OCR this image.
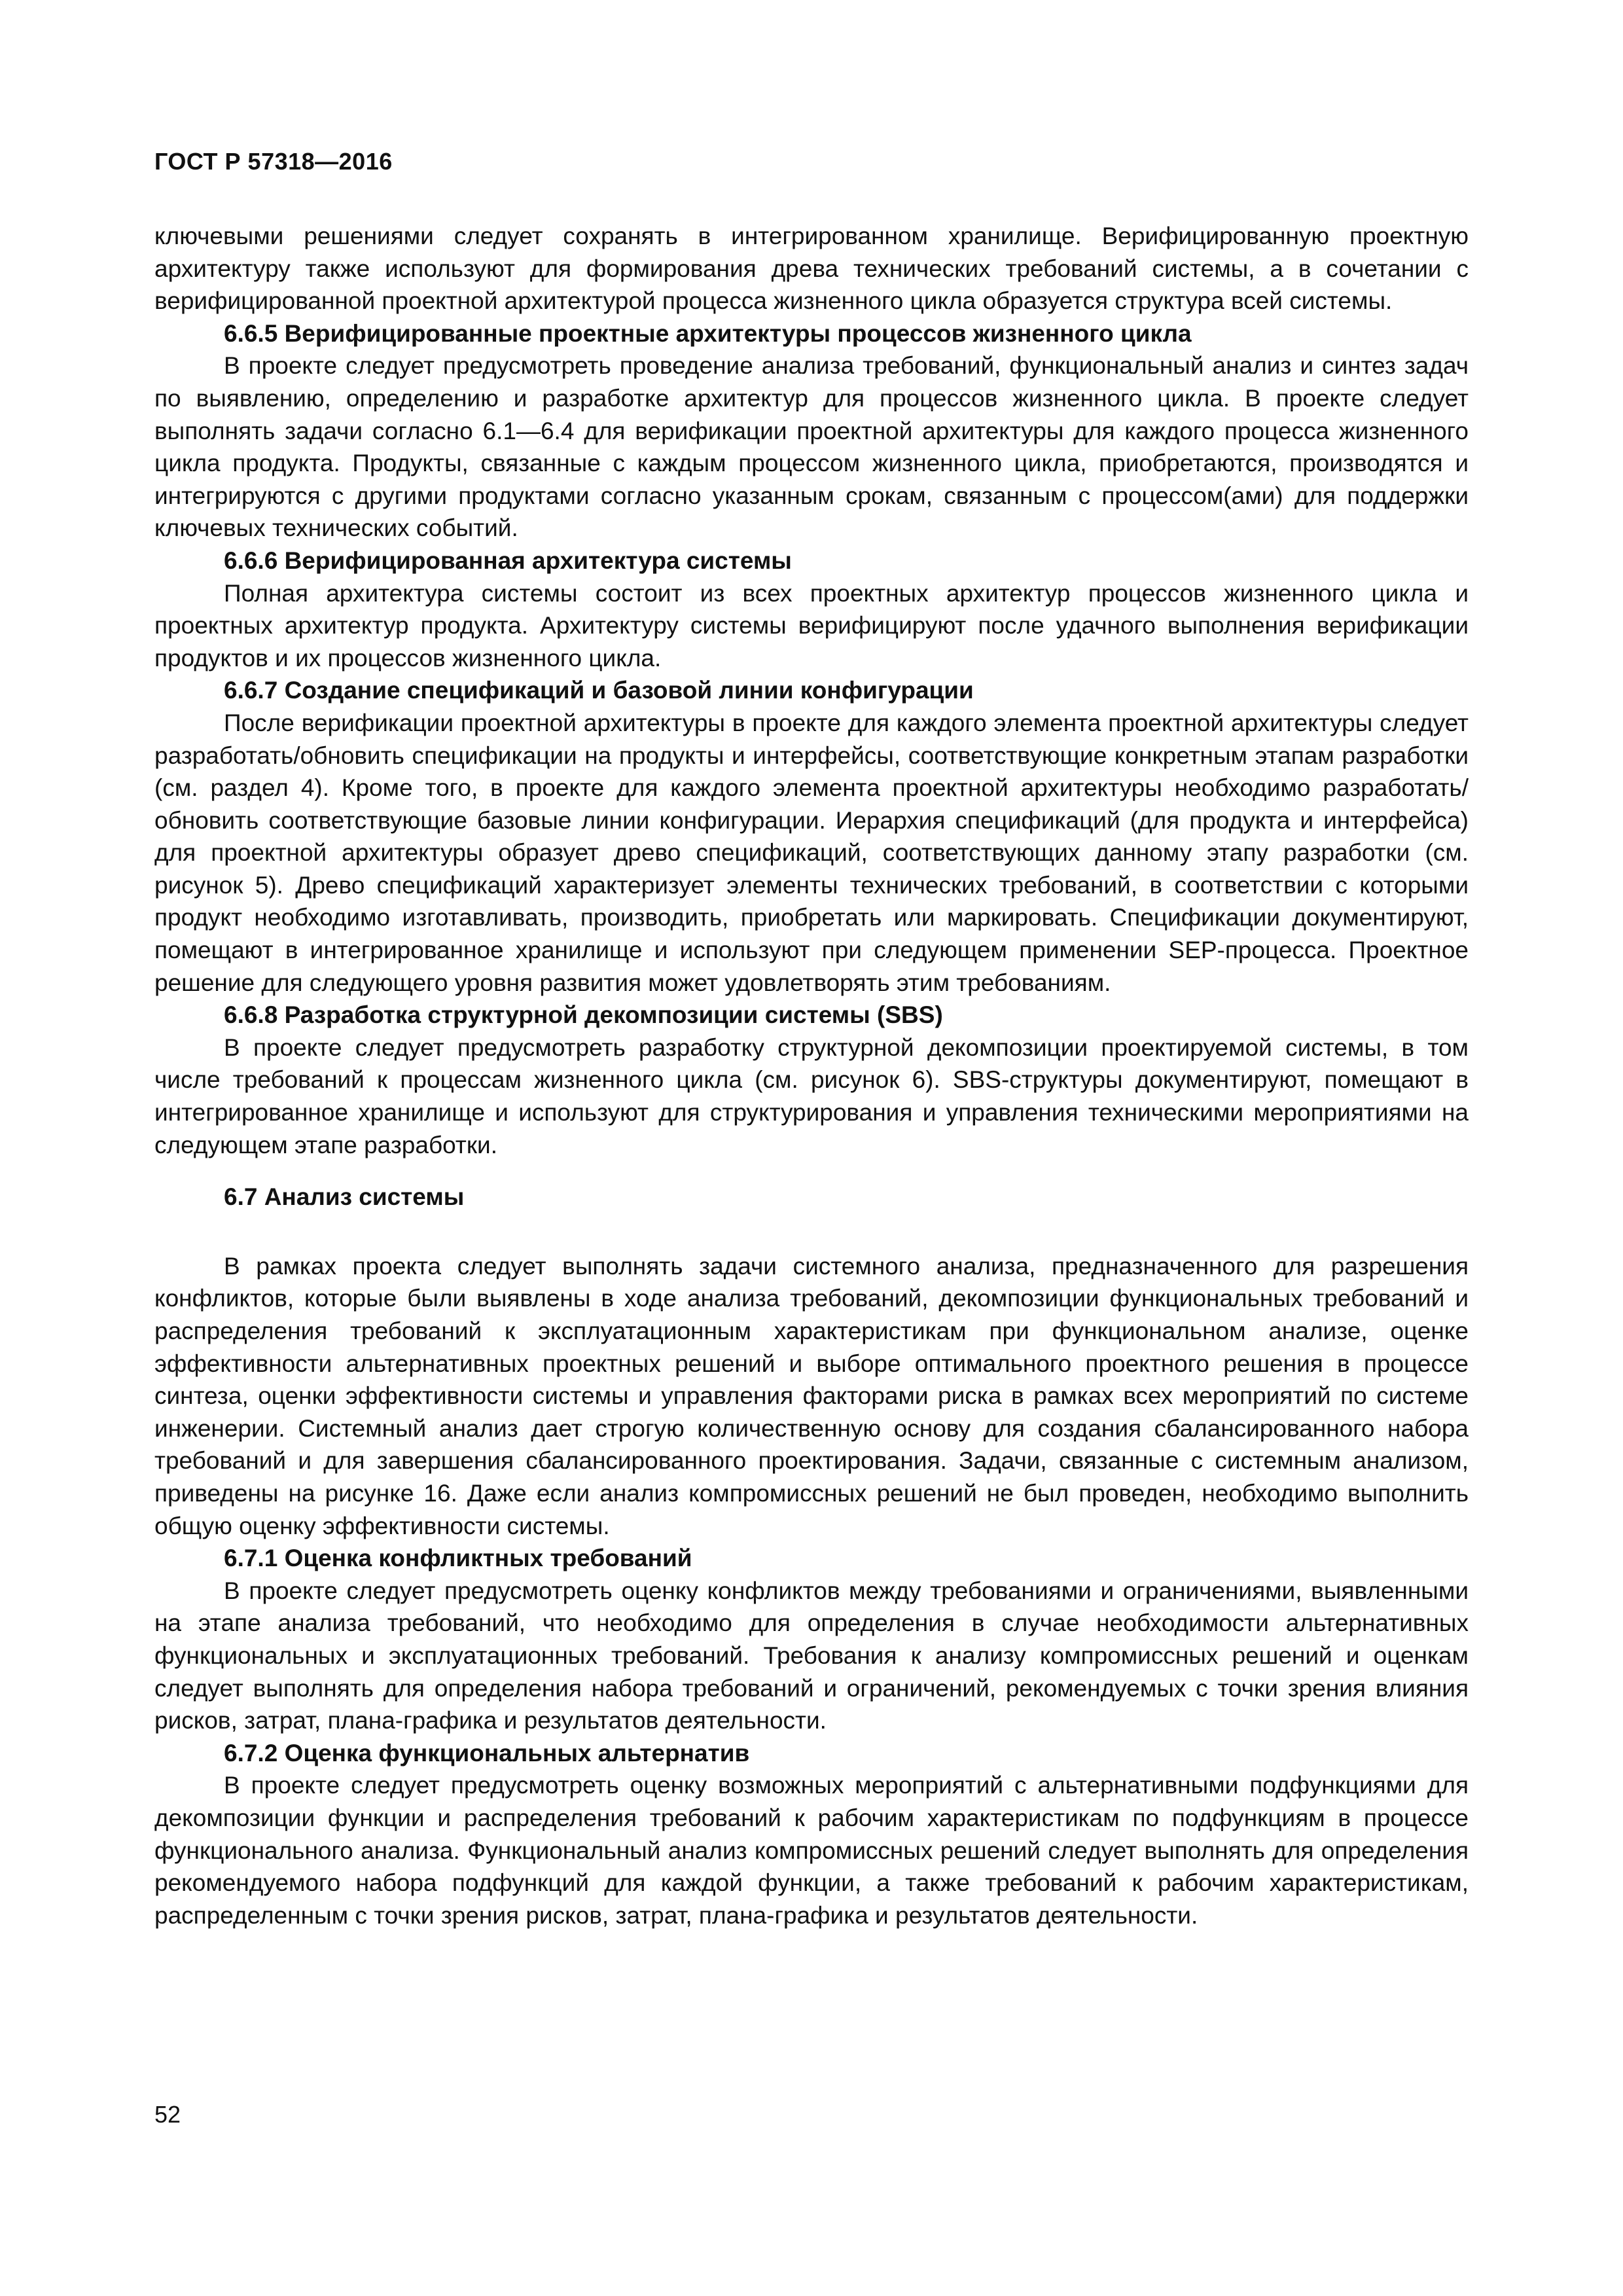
ГОСТ Р 57318—2016

ключевыми решениями следует сохранять в интегрированном хранилище. Верифицированную проектную архитектуру также используют для формирования древа технических требований системы, а в сочетании с верифицированной проектной архитектурой процесса жизненного цикла образуется структура всей системы.

6.6.5 Верифицированные проектные архитектуры процессов жизненного цикла

В проекте следует предусмотреть проведение анализа требований, функциональный анализ и синтез задач по выявлению, определению и разработке архитектур для процессов жизненного цикла. В проекте следует выполнять задачи согласно 6.1—6.4 для верификации проектной архитектуры для каждого процесса жизненного цикла продукта. Продукты, связанные с каждым процессом жизненного цикла, приобретаются, производятся и интегрируются с другими продуктами согласно указанным срокам, связанным с процессом(ами) для поддержки ключевых технических событий.

6.6.6 Верифицированная архитектура системы

Полная архитектура системы состоит из всех проектных архитектур процессов жизненного цикла и проектных архитектур продукта. Архитектуру системы верифицируют после удачного выполнения верификации продуктов и их процессов жизненного цикла.

6.6.7 Создание спецификаций и базовой линии конфигурации

После верификации проектной архитектуры в проекте для каждого элемента проектной архитектуры следует разработать/обновить спецификации на продукты и интерфейсы, соответствующие конкретным этапам разработки (см. раздел 4). Кроме того, в проекте для каждого элемента проектной архитектуры необходимо разработать/обновить соответствующие базовые линии конфигурации. Иерархия спецификаций (для продукта и интерфейса) для проектной архитектуры образует древо спецификаций, соответствующих данному этапу разработки (см. рисунок 5). Древо спецификаций характеризует элементы технических требований, в соответствии с которыми продукт необходимо изготавливать, производить, приобретать или маркировать. Спецификации документируют, помещают в интегрированное хранилище и используют при следующем применении SEP-процесса. Проектное решение для следующего уровня развития может удовлетворять этим требованиям.

6.6.8 Разработка структурной декомпозиции системы (SBS)

В проекте следует предусмотреть разработку структурной декомпозиции проектируемой системы, в том числе требований к процессам жизненного цикла (см. рисунок 6). SBS-структуры документируют, помещают в интегрированное хранилище и используют для структурирования и управления техническими мероприятиями на следующем этапе разработки.

6.7 Анализ системы

В рамках проекта следует выполнять задачи системного анализа, предназначенного для разрешения конфликтов, которые были выявлены в ходе анализа требований, декомпозиции функциональных требований и распределения требований к эксплуатационным характеристикам при функциональном анализе, оценке эффективности альтернативных проектных решений и выборе оптимального проектного решения в процессе синтеза, оценки эффективности системы и управления факторами риска в рамках всех мероприятий по системе инженерии. Системный анализ дает строгую количественную основу для создания сбалансированного набора требований и для завершения сбалансированного проектирования. Задачи, связанные с системным анализом, приведены на рисунке 16. Даже если анализ компромиссных решений не был проведен, необходимо выполнить общую оценку эффективности системы.

6.7.1 Оценка конфликтных требований

В проекте следует предусмотреть оценку конфликтов между требованиями и ограничениями, выявленными на этапе анализа требований, что необходимо для определения в случае необходимости альтернативных функциональных и эксплуатационных требований. Требования к анализу компромиссных решений и оценкам следует выполнять для определения набора требований и ограничений, рекомендуемых с точки зрения влияния рисков, затрат, плана-графика и результатов деятельности.

6.7.2 Оценка функциональных альтернатив

В проекте следует предусмотреть оценку возможных мероприятий с альтернативными подфункциями для декомпозиции функции и распределения требований к рабочим характеристикам по подфункциям в процессе функционального анализа. Функциональный анализ компромиссных решений следует выполнять для определения рекомендуемого набора подфункций для каждой функции, а также требований к рабочим характеристикам, распределенным с точки зрения рисков, затрат, плана-графика и результатов деятельности.

52
